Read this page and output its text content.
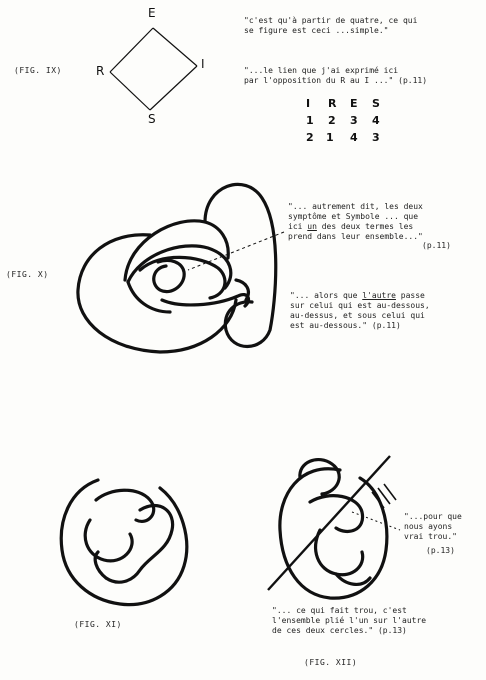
E
R	I
S
(FIG. IX)
"c'est qu'à partir de quatre, ce qui
se figure est ceci ...simple."
"...le lien que j'ai exprimé ici
par l'opposition du R au I ..." (p.11)
I R E S
1 2 3 4
2 1 4 3
(FIG. X)
"... autrement dit, les deux
symptôme et Symbole ... que
ici un des deux termes les
prend dans leur ensemble..."
(p.11)
"... alors que l'autre passe
sur celui qui est au-dessous,
au-dessus, et sous celui qui
est au-dessous." (p.11)
(FIG. XI)
"...pour que
nous ayons
vrai trou."
(p.13)
"... ce qui fait trou, c'est
l'ensemble plié l'un sur l'autre
de ces deux cercles." (p.13)
(FIG. XII)
